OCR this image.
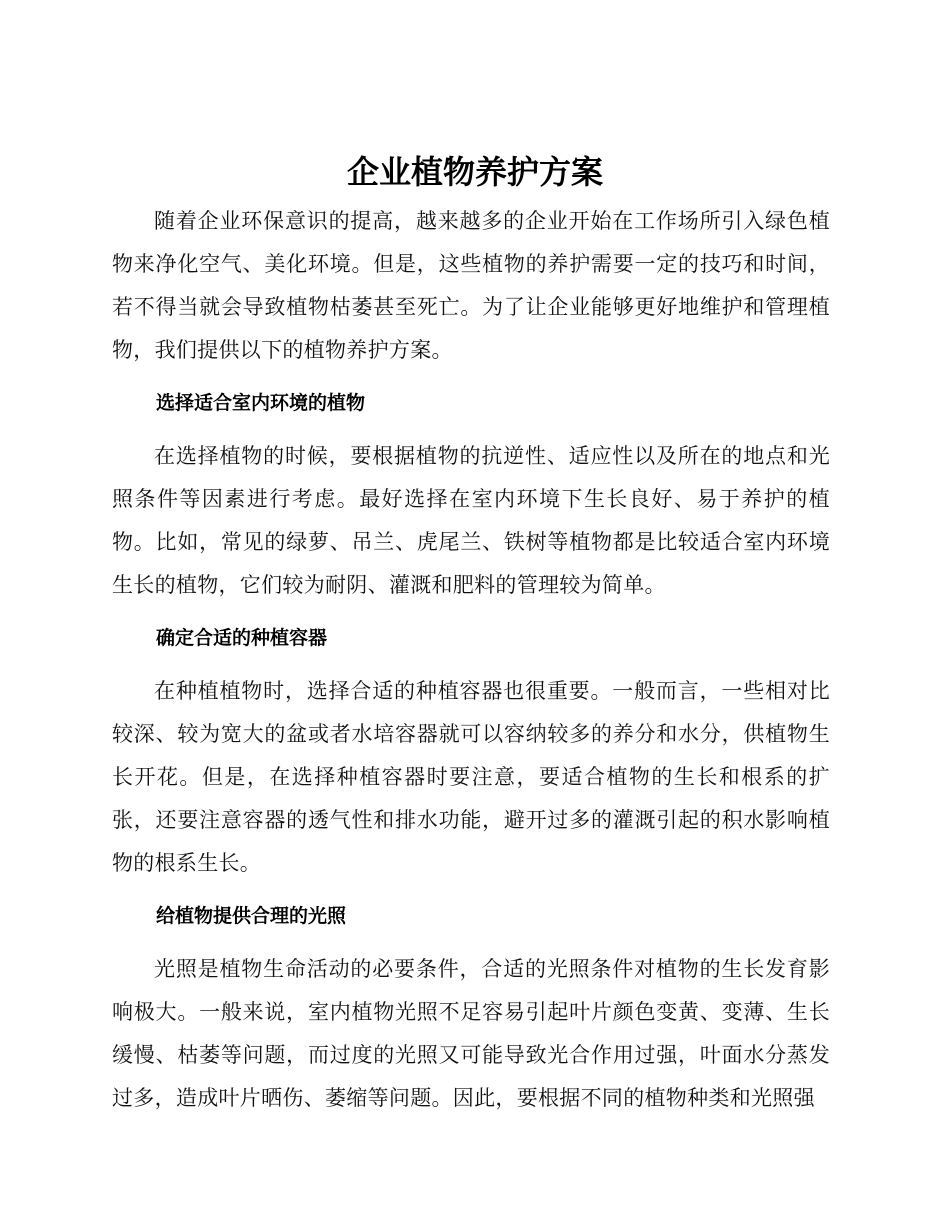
企业植物养护方案

随着企业环保意识的提高，越来越多的企业开始在工作场所引入绿色植物来净化空气、美化环境。但是，这些植物的养护需要一定的技巧和时间，若不得当就会导致植物枯萎甚至死亡。为了让企业能够更好地维护和管理植物，我们提供以下的植物养护方案。

选择适合室内环境的植物

在选择植物的时候，要根据植物的抗逆性、适应性以及所在的地点和光照条件等因素进行考虑。最好选择在室内环境下生长良好、易于养护的植物。比如，常见的绿萝、吊兰、虎尾兰、铁树等植物都是比较适合室内环境生长的植物，它们较为耐阴、灌溉和肥料的管理较为简单。

确定合适的种植容器

在种植植物时，选择合适的种植容器也很重要。一般而言，一些相对比较深、较为宽大的盆或者水培容器就可以容纳较多的养分和水分，供植物生长开花。但是，在选择种植容器时要注意，要适合植物的生长和根系的扩张，还要注意容器的透气性和排水功能，避开过多的灌溉引起的积水影响植物的根系生长。

给植物提供合理的光照

光照是植物生命活动的必要条件，合适的光照条件对植物的生长发育影响极大。一般来说，室内植物光照不足容易引起叶片颜色变黄、变薄、生长缓慢、枯萎等问题，而过度的光照又可能导致光合作用过强，叶面水分蒸发过多，造成叶片晒伤、萎缩等问题。因此，要根据不同的植物种类和光照强
